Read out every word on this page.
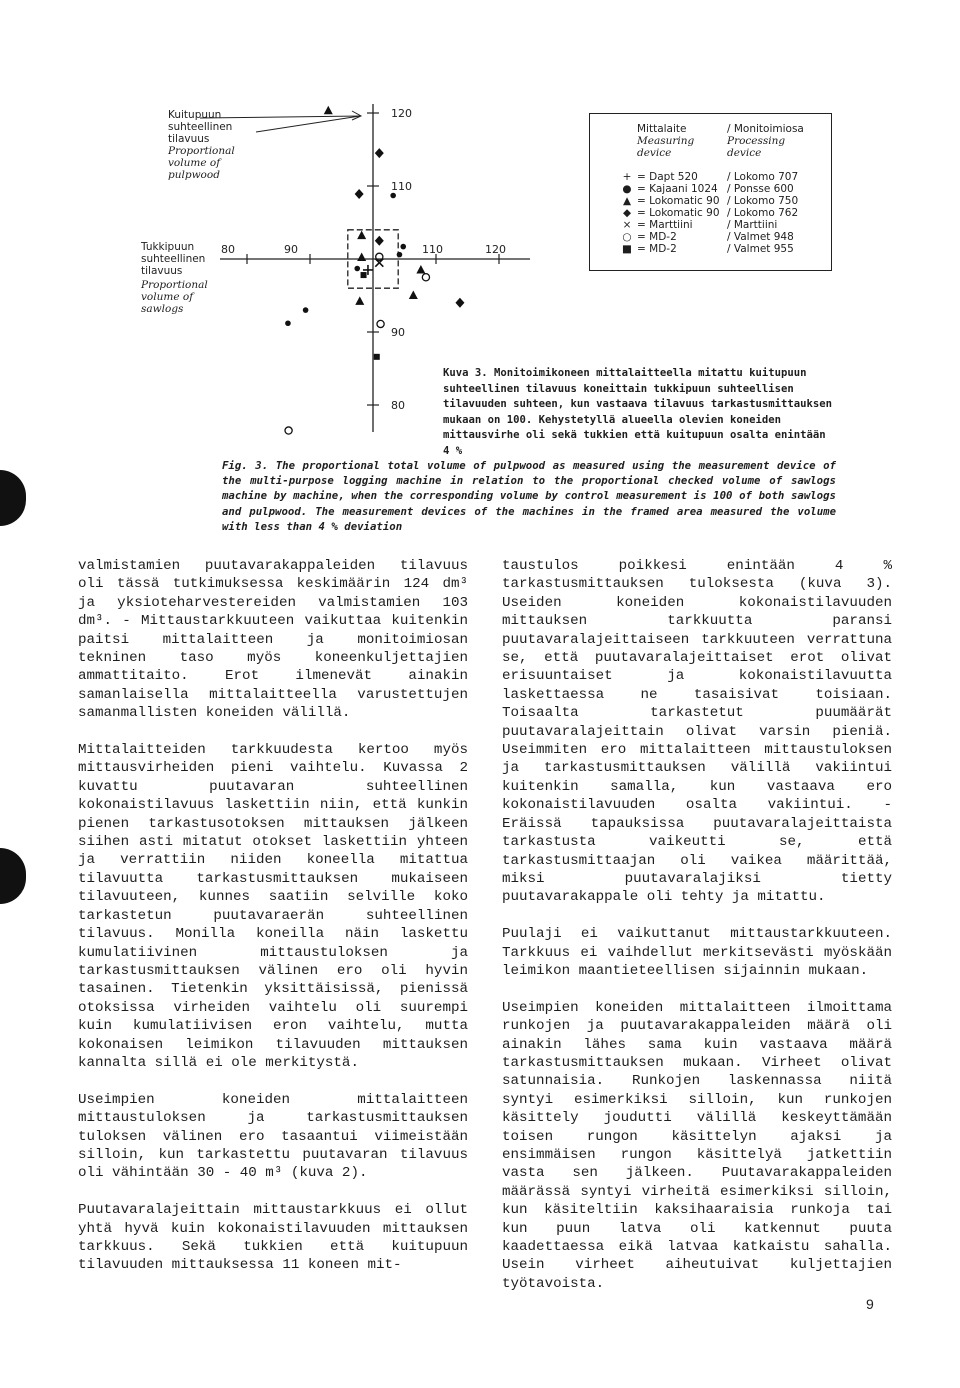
Kuitupuun
suhteellinen
tilavuus
Proportional
volume of
pulpwood
Tukkipuun
suhteellinen
tilavuus
Proportional
volume of
sawlogs
80	90	110	120
80
90
110
120
Mittalaite	/ Monitoimiosa
Measuring	Processing
device	device
+ = Dapt 520	/ Lokomo 707
● = Kajaani 1024 / Ponsse 600
▲ = Lokomatic 90 / Lokomo 750
◆ = Lokomatic 90 / Lokomo 762
× = Marttiini	/ Marttiini
○ = MD-2	/ Valmet 948
■ = MD-2	/ Valmet 955
Kuva 3. Monitoimikoneen mittalaitteella mitattu kuitupuun suhteellinen tilavuus koneittain tukkipuun suhteellisen tilavuuden suhteen, kun vastaava tilavuus tarkastusmittauksen mukaan on 100. Kehystetyllä alueella olevien koneiden mittausvirhe oli sekä tukkien että kuitupuun osalta enintään 4 %
Fig. 3. The proportional total volume of pulpwood as measured using the measurement device of the multi-purpose logging machine in relation to the proportional checked volume of sawlogs machine by machine, when the corresponding volume by control measurement is 100 of both sawlogs and pulpwood. The measurement devices of the machines in the framed area measured the volume with less than 4 % deviation

valmistamien puutavarakappaleiden tilavuus oli tässä tutkimuksessa keskimäärin 124 dm³ ja yksioteharvestereiden valmistamien 103 dm³. - Mittaustarkkuuteen vaikuttaa kuitenkin paitsi mittalaitteen ja monitoimiosan tekninen taso myös koneenkuljettajien ammattitaito. Erot ilmenevät ainakin samanlaisella mittalaitteella varustettujen samanmallisten koneiden välillä.

Mittalaitteiden tarkkuudesta kertoo myös mittausvirheiden pieni vaihtelu. Kuvassa 2 kuvattu puutavaran suhteellinen kokonaistilavuus laskettiin niin, että kunkin pienen tarkastusotoksen mittauksen jälkeen siihen asti mitatut otokset laskettiin yhteen ja verrattiin niiden koneella mitattua tilavuutta tarkastusmittauksen mukaiseen tilavuuteen, kunnes saatiin selville koko tarkastetun puutavaraerän suhteellinen tilavuus. Monilla koneilla näin laskettu kumulatiivinen mittaustuloksen ja tarkastusmittauksen välinen ero oli hyvin tasainen. Tietenkin yksittäisissä, pienissä otoksissa virheiden vaihtelu oli suurempi kuin kumulatiivisen eron vaihtelu, mutta kokonaisen leimikon tilavuuden mittauksen kannalta sillä ei ole merkitystä.

Useimpien koneiden mittalaitteen mittaustuloksen ja tarkastusmittauksen tuloksen välinen ero tasaantui viimeistään silloin, kun tarkastettu puutavaran tilavuus oli vähintään 30 - 40 m³ (kuva 2).

Puutavaralajeittain mittaustarkkuus ei ollut yhtä hyvä kuin kokonaistilavuuden mittauksen tarkkuus. Sekä tukkien että kuitupuun tilavuuden mittauksessa 11 koneen mit-

taustulos poikkesi enintään 4 % tarkastusmittauksen tuloksesta (kuva 3). Useiden koneiden kokonaistilavuuden mittauksen tarkkuutta paransi puutavaralajeittaiseen tarkkuuteen verrattuna se, että puutavaralajeittaiset erot olivat erisuuntaiset ja kokonaistilavuutta laskettaessa ne tasaisivat toisiaan. Toisaalta tarkastetut puumäärät puutavaralajeittain olivat varsin pieniä. Useimmiten ero mittalaitteen mittaustuloksen ja tarkastusmittauksen välillä vakiintui kuitenkin samalla, kun vastaava ero kokonaistilavuuden osalta vakiintui. - Eräissä tapauksissa puutavaralajeittaista tarkastusta vaikeutti se, että tarkastusmittaajan oli vaikea määrittää, miksi puutavaralajiksi tietty puutavarakappale oli tehty ja mitattu.

Puulaji ei vaikuttanut mittaustarkkuuteen. Tarkkuus ei vaihdellut merkitsevästi myöskään leimikon maantieteellisen sijainnin mukaan.

Useimpien koneiden mittalaitteen ilmoittama runkojen ja puutavarakappaleiden määrä oli ainakin lähes sama kuin vastaava määrä tarkastusmittauksen mukaan. Virheet olivat satunnaisia. Runkojen laskennassa niitä syntyi esimerkiksi silloin, kun runkojen käsittely joudutti välillä keskeyttämään toisen rungon käsittelyn ajaksi ja ensimmäisen rungon käsittelyä jatkettiin vasta sen jälkeen. Puutavarakappaleiden määrässä syntyi virheitä esimerkiksi silloin, kun käsiteltiin kaksihaaraisia runkoja tai kun puun latva oli katkennut puuta kaadettaessa eikä latvaa katkaistu sahalla. Usein virheet aiheutuivat kuljettajien työtavoista.

9
